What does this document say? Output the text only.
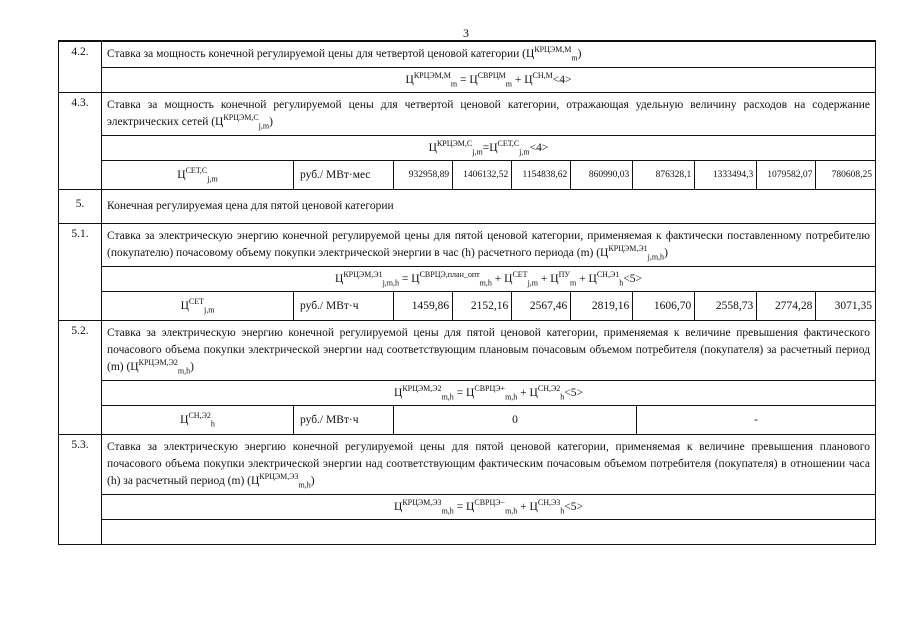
3
4.2.	Ставка за мощность конечной регулируемой цены для четвертой ценовой категории $(Ц^{КРЦЭМ,М}_m)$
$Ц^{КРЦЭМ,М}_m = Ц^{СВРЦМ}_m + Ц^{СН,М}<4>$
4.3.	Ставка за мощность конечной регулируемой цены для четвертой ценовой категории, отражающая удельную величину расходов на содержание электрических сетей $(Ц^{КРЦЭМ,С}_{j,m})$
$Ц^{КРЦЭМ,С}_{j,m}=Ц^{СЕТ,С}_{j,m}<4>$

$Ц^{СЕТ,С}_{j,m}$	руб./ МВт·мес	932958,89	1406132,52	1154838,62	860990,03	876328,1	1333494,3	1079582,07	780608,25

5.	Конечная регулируемая цена для пятой ценовой категории
5.1.	Ставка за электрическую энергию конечной регулируемой цены для пятой ценовой категории, применяемая к фактически поставленному потребителю (покупателю) почасовому объему покупки электрической энергии в час (h) расчетного периода (m) $(Ц^{КРЦЭМ,Э1}_{j,m,h})$
$Ц^{КРЦЭМ,Э1}_{j,m,h} = Ц^{СВРЦЭ,план\_опт}_{m,h} + Ц^{СЕТ}_{j,m} + Ц^{ПУ}_m + Ц^{СН,Э1}_h<5>$

$Ц^{СЕТ}_{j,m}$	руб./ МВт·ч	1459,86	2152,16	2567,46	2819,16	1606,70	2558,73	2774,28	3071,35

5.2.	Ставка за электрическую энергию конечной регулируемой цены для пятой ценовой категории, применяемая к величине превышения фактического почасового объема покупки электрической энергии над соответствующим плановым почасовым объемом потребителя (покупателя) за расчетный период (m) $(Ц^{КРЦЭМ,Э2}_{m,h})$
$Ц^{КРЦЭМ,Э2}_{m,h} = Ц^{СВРЦЭ+}_{m,h} + Ц^{СН,Э2}_h<5>$

$Ц^{СН,Э2}_h$	руб./ МВт·ч	0	-

5.3.	Ставка за электрическую энергию конечной регулируемой цены для пятой ценовой категории, применяемая к величине превышения планового почасового объема покупки электрической энергии над соответствующим фактическим почасовым объемом потребителя (покупателя) в отношении часа (h) за расчетный период (m) $(Ц^{КРЦЭМ,Э3}_{m,h})$
$Ц^{КРЦЭМ,Э3}_{m,h} = Ц^{СВРЦЭ-}_{m,h} + Ц^{СН,Э3}_h<5>$
